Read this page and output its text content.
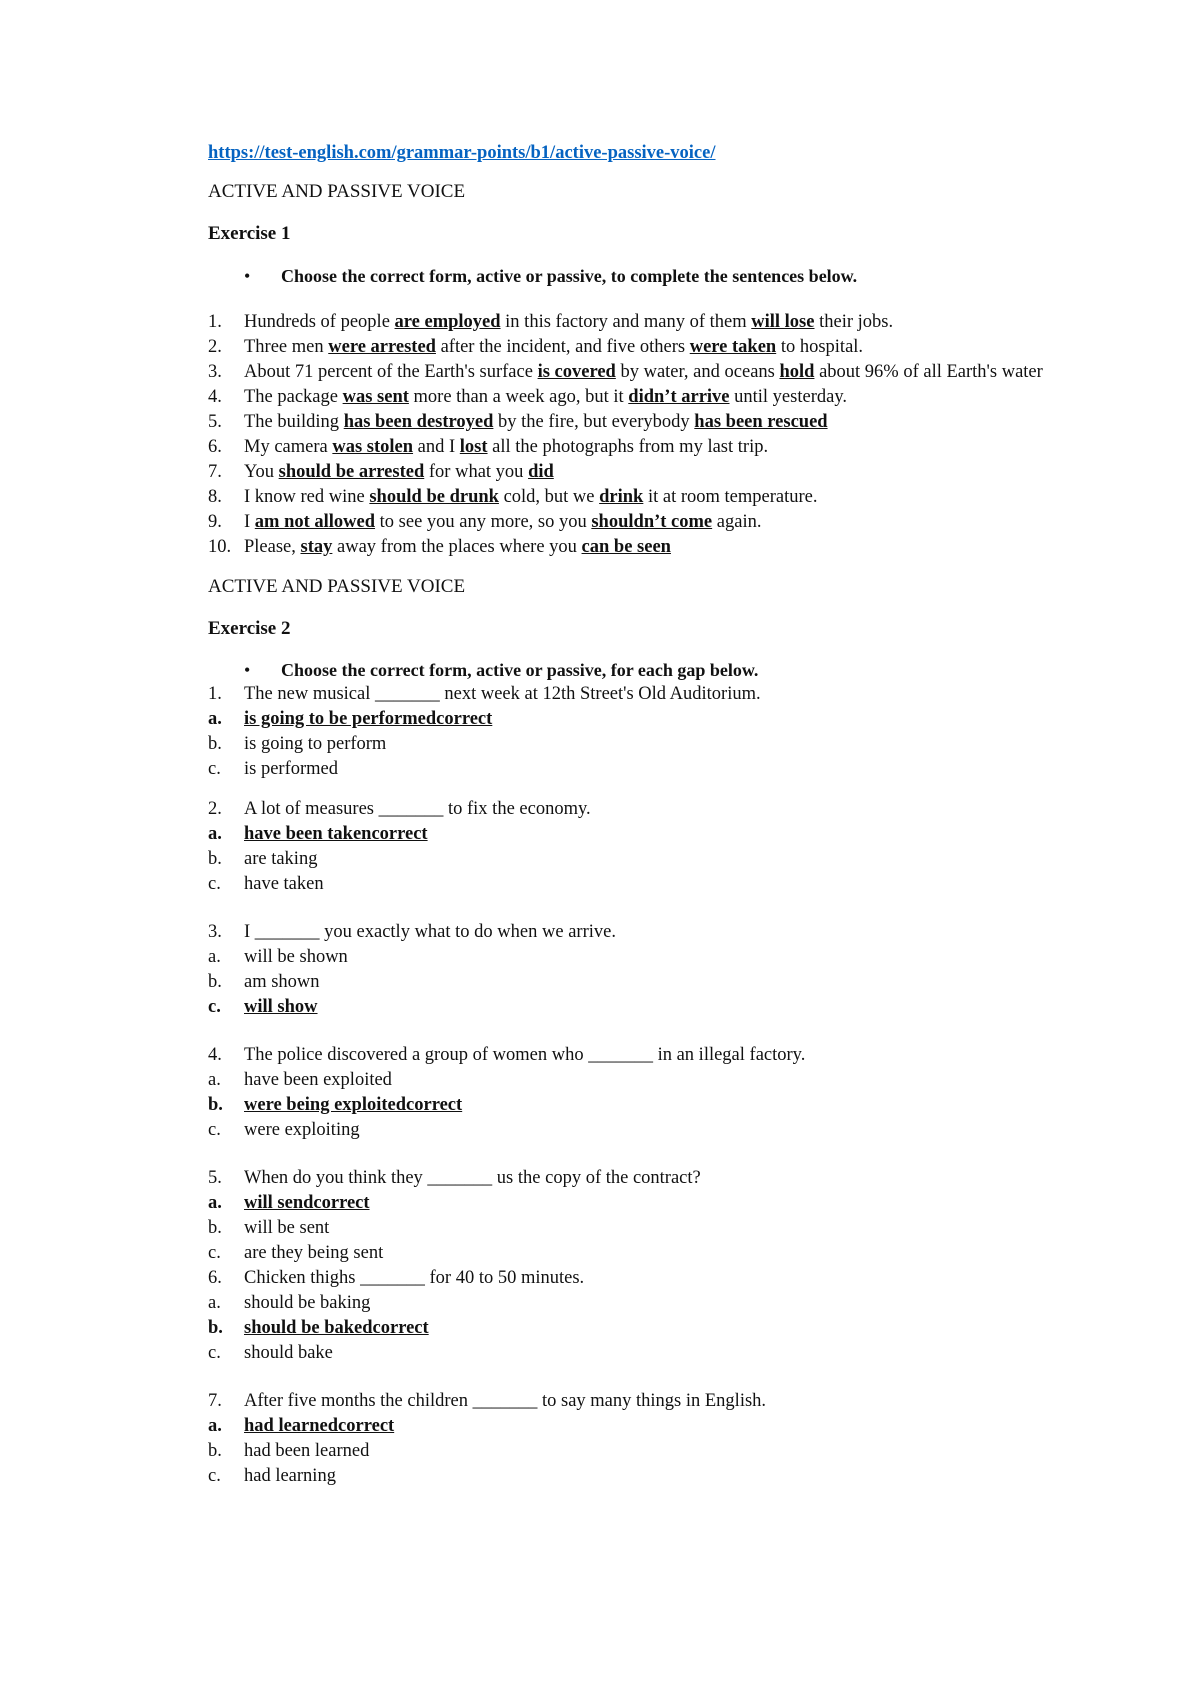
https://test-english.com/grammar-points/b1/active-passive-voice/
ACTIVE AND PASSIVE VOICE
Exercise 1
• Choose the correct form, active or passive, to complete the sentences below.
1. Hundreds of people are employed in this factory and many of them will lose their jobs.
2. Three men were arrested after the incident, and five others were taken to hospital.
3. About 71 percent of the Earth's surface is covered by water, and oceans hold about 96% of all Earth's water
4. The package was sent more than a week ago, but it didn’t arrive until yesterday.
5. The building has been destroyed by the fire, but everybody has been rescued
6. My camera was stolen and I lost all the photographs from my last trip.
7. You should be arrested for what you did
8. I know red wine should be drunk cold, but we drink it at room temperature.
9. I am not allowed to see you any more, so you shouldn’t come again.
10. Please, stay away from the places where you can be seen
ACTIVE AND PASSIVE VOICE
Exercise 2
• Choose the correct form, active or passive, for each gap below.
1. The new musical _______ next week at 12th Street's Old Auditorium.
a. is going to be performedcorrect
b. is going to perform
c. is performed
2. A lot of measures _______ to fix the economy.
a. have been takencorrect
b. are taking
c. have taken
3. I _______ you exactly what to do when we arrive.
a. will be shown
b. am shown
c. will show
4. The police discovered a group of women who _______ in an illegal factory.
a. have been exploited
b. were being exploitedcorrect
c. were exploiting
5. When do you think they _______ us the copy of the contract?
a. will sendcorrect
b. will be sent
c. are they being sent
6. Chicken thighs _______ for 40 to 50 minutes.
a. should be baking
b. should be bakedcorrect
c. should bake
7. After five months the children _______ to say many things in English.
a. had learnedcorrect
b. had been learned
c. had learning
